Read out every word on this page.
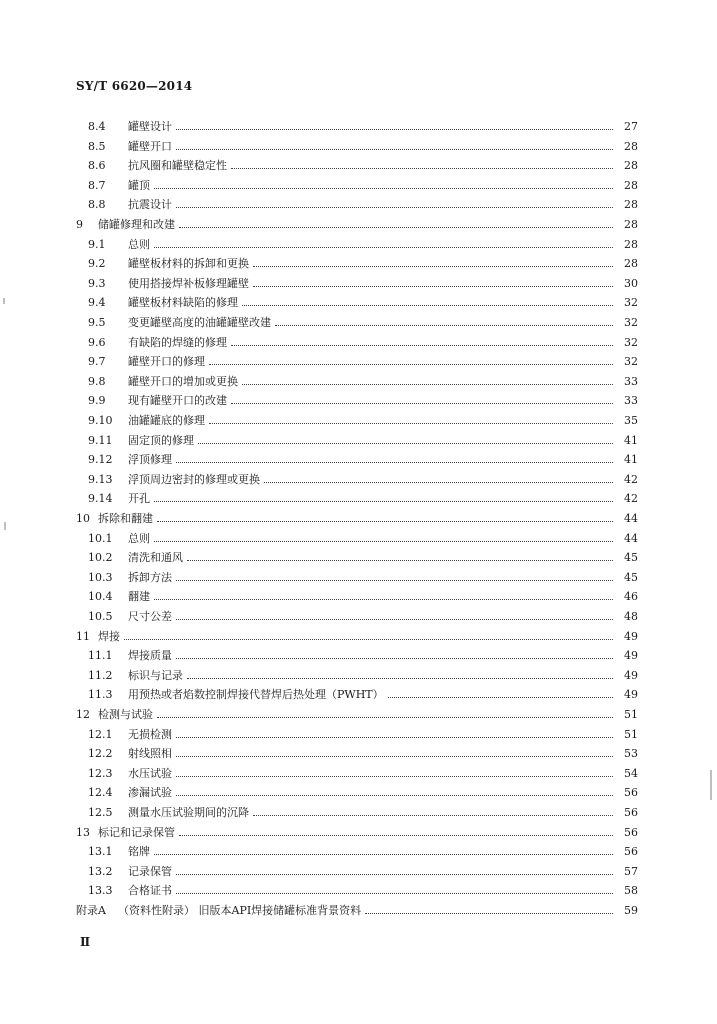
SY/T 6620—2014
8.4	罐壁设计	27
8.5	罐壁开口	28
8.6	抗风圈和罐壁稳定性	28
8.7	罐顶	28
8.8	抗震设计	28
9	储罐修理和改建	28
9.1	总则	28
9.2	罐壁板材料的拆卸和更换	28
9.3	使用搭接焊补板修理罐壁	30
9.4	罐壁板材料缺陷的修理	32
9.5	变更罐壁高度的油罐罐壁改建	32
9.6	有缺陷的焊缝的修理	32
9.7	罐壁开口的修理	32
9.8	罐壁开口的增加或更换	33
9.9	现有罐壁开口的改建	33
9.10	油罐罐底的修理	35
9.11	固定顶的修理	41
9.12	浮顶修理	41
9.13	浮顶周边密封的修理或更换	42
9.14	开孔	42
10 拆除和翻建	44
10.1	总则	44
10.2	清洗和通风	45
10.3	拆卸方法	45
10.4	翻建	46
10.5	尺寸公差	48
11 焊接	49
11.1	焊接质量	49
11.2	标识与记录	49
11.3	用预热或者焰数控制焊接代替焊后热处理（PWHT）	49
12 检测与试验	51
12.1	无损检测	51
12.2	射线照相	53
12.3	水压试验	54
12.4	渗漏试验	56
12.5	测量水压试验期间的沉降	56
13 标记和记录保管	56
13.1	铭牌	56
13.2	记录保管	57
13.3	合格证书	58
附录A	（资料性附录） 旧版本API焊接储罐标准背景资料	59
Ⅱ
